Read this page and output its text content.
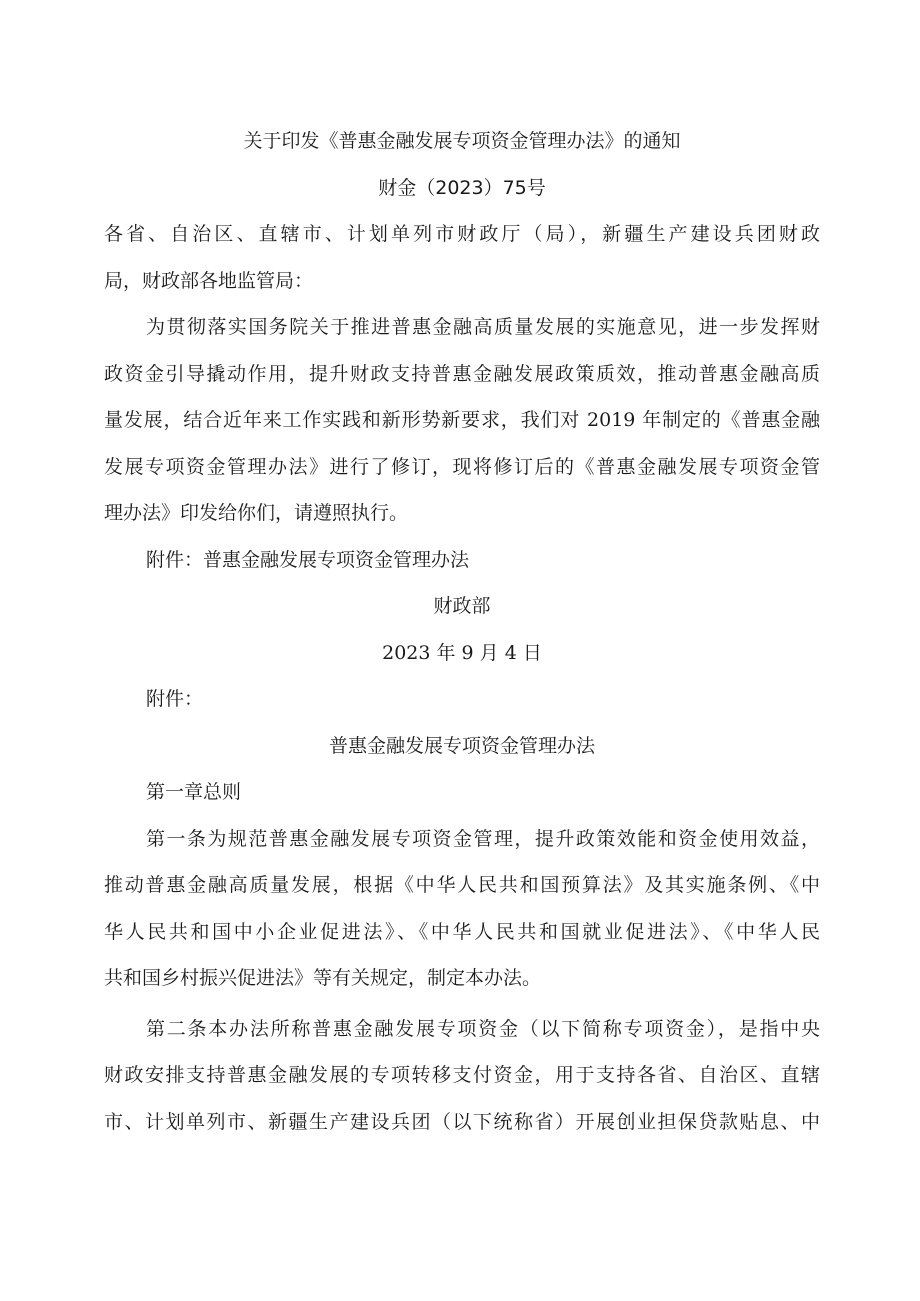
关于印发《普惠金融发展专项资金管理办法》的通知
财金（2023）75号
各省、自治区、直辖市、计划单列市财政厅（局），新疆生产建设兵团财政
局，财政部各地监管局：
为贯彻落实国务院关于推进普惠金融高质量发展的实施意见，进一步发挥财
政资金引导撬动作用，提升财政支持普惠金融发展政策质效，推动普惠金融高质
量发展，结合近年来工作实践和新形势新要求，我们对 2019 年制定的《普惠金融
发展专项资金管理办法》进行了修订，现将修订后的《普惠金融发展专项资金管
理办法》印发给你们，请遵照执行。
附件：普惠金融发展专项资金管理办法
财政部
2023 年 9 月 4 日
附件：
普惠金融发展专项资金管理办法
第一章总则
第一条为规范普惠金融发展专项资金管理，提升政策效能和资金使用效益，
推动普惠金融高质量发展，根据《中华人民共和国预算法》及其实施条例、《中
华人民共和国中小企业促进法》、《中华人民共和国就业促进法》、《中华人民
共和国乡村振兴促进法》等有关规定，制定本办法。
第二条本办法所称普惠金融发展专项资金（以下简称专项资金），是指中央
财政安排支持普惠金融发展的专项转移支付资金，用于支持各省、自治区、直辖
市、计划单列市、新疆生产建设兵团（以下统称省）开展创业担保贷款贴息、中
